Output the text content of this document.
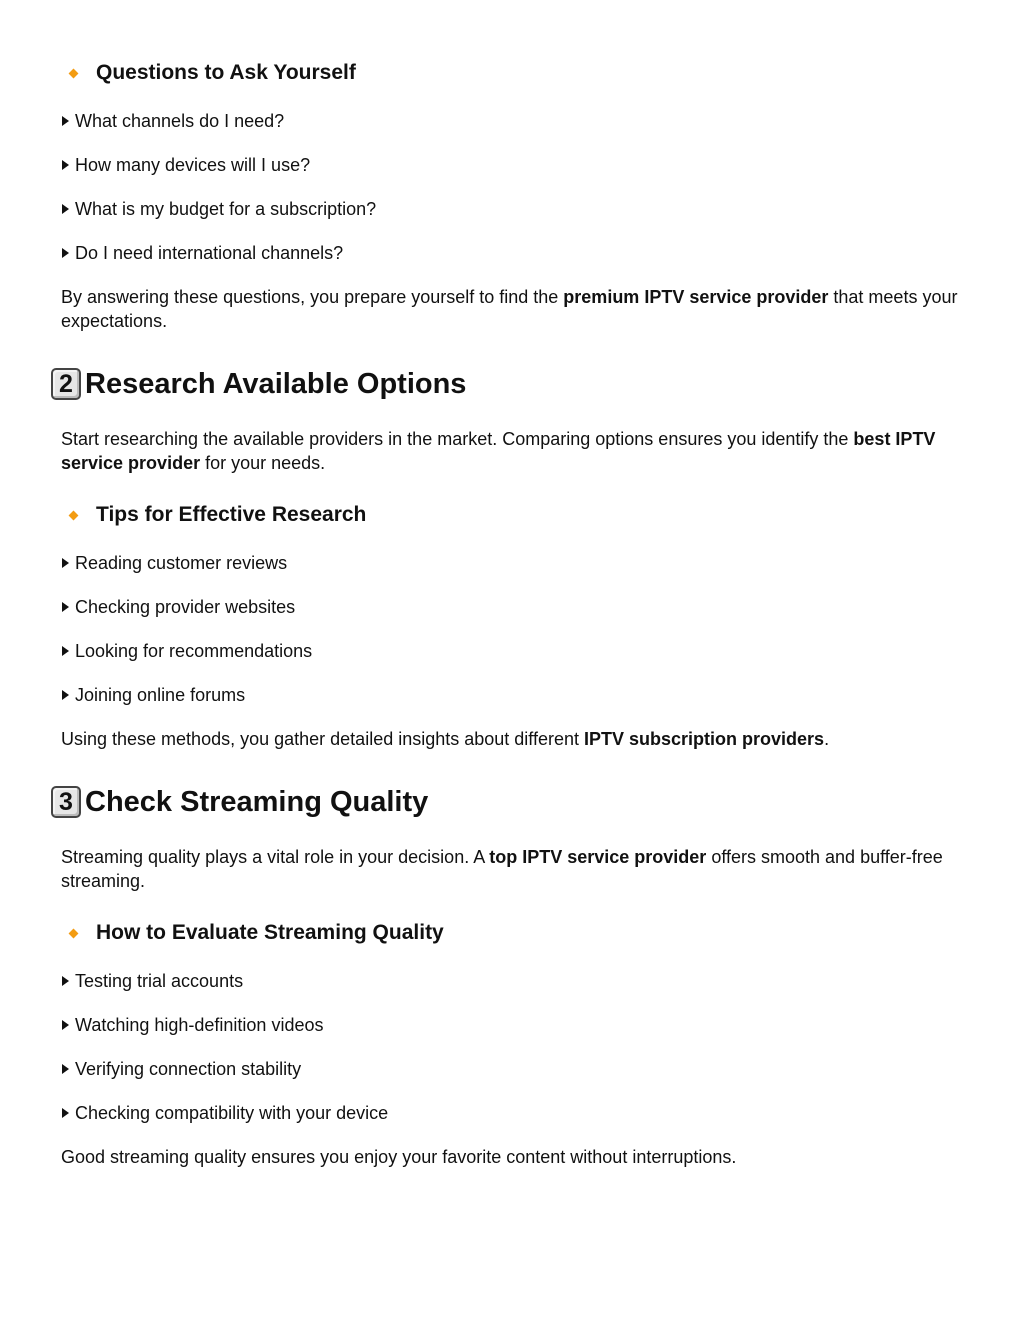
Questions to Ask Yourself
What channels do I need?
How many devices will I use?
What is my budget for a subscription?
Do I need international channels?

By answering these questions, you prepare yourself to find the premium IPTV service provider that meets your expectations.

2 Research Available Options

Start researching the available providers in the market. Comparing options ensures you identify the best IPTV service provider for your needs.

Tips for Effective Research
Reading customer reviews
Checking provider websites
Looking for recommendations
Joining online forums

Using these methods, you gather detailed insights about different IPTV subscription providers.

3 Check Streaming Quality

Streaming quality plays a vital role in your decision. A top IPTV service provider offers smooth and buffer-free streaming.

How to Evaluate Streaming Quality
Testing trial accounts
Watching high-definition videos
Verifying connection stability
Checking compatibility with your device

Good streaming quality ensures you enjoy your favorite content without interruptions.
